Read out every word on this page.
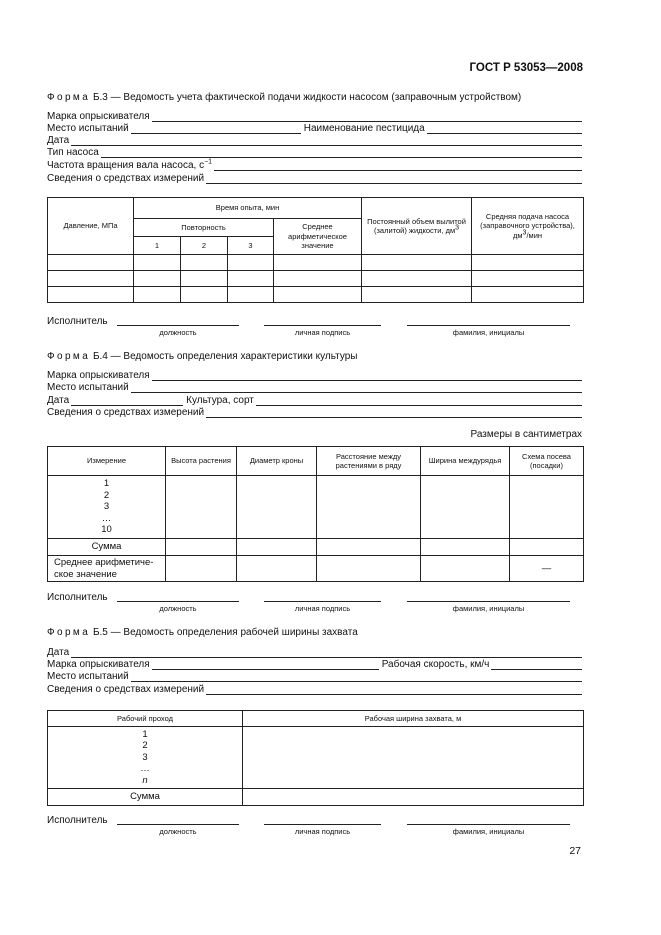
ГОСТ Р 53053—2008
Форма Б.3 — Ведомость учета фактической подачи жидкости насосом (заправочным устройством)
Марка опрыскивателя
Место испытаний	Наименование пестицида
Дата
Тип насоса
Частота вращения вала насоса, $с^{-1}$
Сведения о средствах измерений
Давление, МПа	Время опыта, мин				Постоянный объем вылитой (залитой) жидкости, $дм^3$	Средняя подача насоса (заправочного устройства), $дм^3$/мин
	Повторность			Среднее арифметическое значение		
	1	2	3			

Исполнитель
должность	личная подпись	фамилия, инициалы
Форма Б.4 — Ведомость определения характеристики культуры
Марка опрыскивателя
Место испытаний
Дата	Культура, сорт
Сведения о средствах измерений
Размеры в сантиметрах
Измерение	Высота растения	Диаметр кроны	Расстояние между растениями в ряду	Ширина междурядья	Схема посева (посадки)

1
2
3
…
10					

Сумма					
Среднее арифметиче-ское значение					—
Исполнитель
должность	личная подпись	фамилия, инициалы
Форма Б.5 — Ведомость определения рабочей ширины захвата
Дата
Марка опрыскивателя	Рабочая скорость, км/ч
Место испытаний
Сведения о средствах измерений
Рабочий проход	Рабочая ширина захвата, м

1
2
3
…
n	

Сумма	
Исполнитель
должность	личная подпись	фамилия, инициалы
27
